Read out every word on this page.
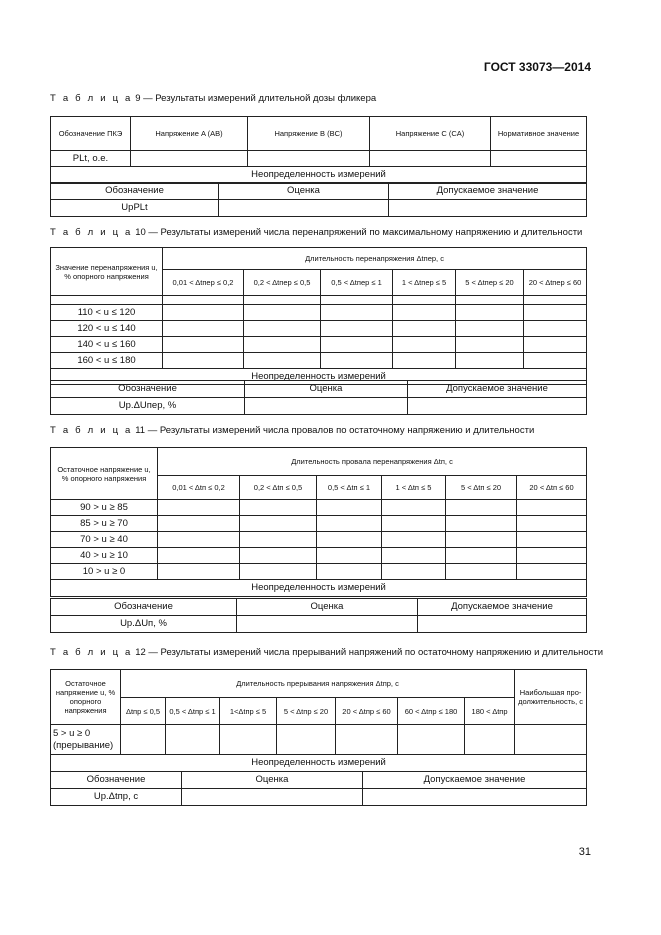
ГОСТ 33073—2014
Т а б л и ц а 9 — Результаты измерений длительной дозы фликера
Обозначение ПКЭ	Напряжение A (AB)	Напряжение B (BC)	Напряжение C (CA)	Нормативное значение
PLt, о.е.				
Неопределенность измерений				
Обозначение	Оценка	Допускаемое значение
UpPLt		
Т а б л и ц а 10 — Результаты измерений числа перенапряжений по максимальному напряжению и длительности
Значение перенапряжения u, % опорного напряжения	Длительность перенапряжения Δtпер, с					
	0,01 < Δtпер ≤ 0,2	0,2 < Δtпер ≤ 0,5	0,5 < Δtпер ≤ 1	1 < Δtпер ≤ 5	5 < Δtпер ≤ 20	20 < Δtпер ≤ 60

110 < u ≤ 120						
120 < u ≤ 140						
140 < u ≤ 160						
160 < u ≤ 180						
Неопределенность измерений						
Обозначение	Оценка	Допускаемое значение
Up.ΔUпер, %		
Т а б л и ц а 11 — Результаты измерений числа провалов по остаточному напряжению и длительности
Остаточное напряжение u, % опорного напряжения	Длительность провала перенапряжения Δtп, с					
	0,01 < Δtп ≤ 0,2	0,2 < Δtп ≤ 0,5	0,5 < Δtп ≤ 1	1 < Δtп ≤ 5	5 < Δtп ≤ 20	20 < Δtп ≤ 60
90 > u ≥ 85						
85 > u ≥ 70						
70 > u ≥ 40						
40 > u ≥ 10						
10 > u ≥ 0						
Неопределенность измерений						
Обозначение	Оценка	Допускаемое значение
Up.ΔUп, %		
Т а б л и ц а 12 — Результаты измерений числа прерываний напряжений по остаточному напряжению и длительности
Остаточное напряжение u, % опорного напряжения	Длительность прерывания напряжения Δtпр, с							Наибольшая продолжительность, с
	Δtпр ≤ 0,5	0,5 < Δtпр ≤ 1	1<Δtпр ≤ 5	5 < Δtпр ≤ 20	20 < Δtпр ≤ 60	60 < Δtпр ≤ 180	180 < Δtпр	
5 > u ≥ 0 (прерывание)								
Неопределенность измерений								
Обозначение	Оценка	Допускаемое значение
Up.Δtпр, с		
31
